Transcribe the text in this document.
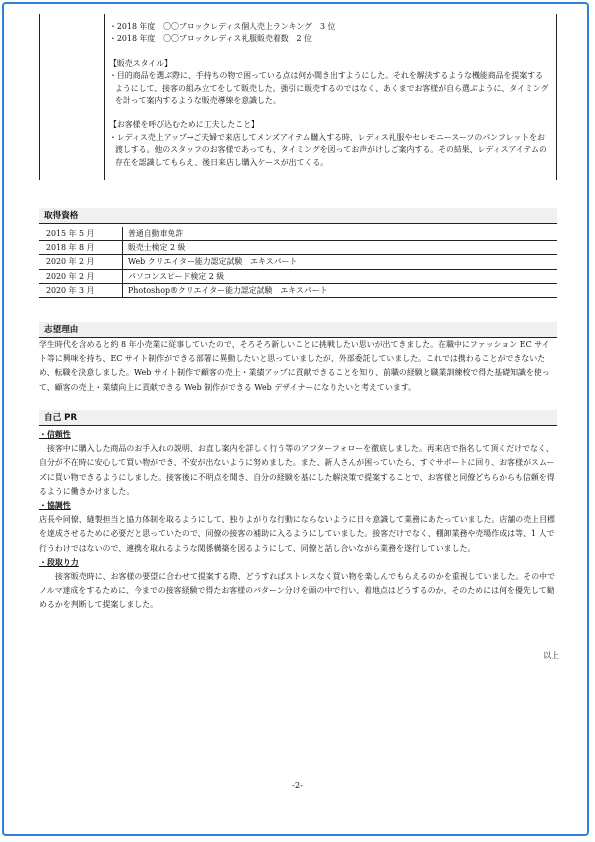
・2018 年度　〇〇ブロックレディス個人売上ランキング　3 位
・2018 年度　〇〇ブロックレディス礼服販売着数　2 位
【販売スタイル】
・目的商品を選ぶ際に、手持ちの物で困っている点は何か聞き出すようにした。それを解決するような機能商品を提案するようにして、接客の組み立てをして販売した。強引に販売するのではなく、あくまでお客様が自ら選ぶように、タイミングを計って案内するような販売導線を意識した。
【お客様を呼び込むために工夫したこと】
・レディス売上アップ→ご夫婦で来店してメンズアイテム購入する時、レディス礼服やセレモニースーツのパンフレットをお渡しする。他のスタッフのお客様であっても、タイミングを図ってお声がけしご案内する。その結果、レディスアイテムの存在を認識してもらえ、後日来店し購入ケースが出てくる。
取得資格
2015 年 5 月	普通自動車免許
2018 年 8 月	販売士検定 2 級
2020 年 2 月	Web クリエイター能力認定試験　エキスパート
2020 年 2 月	パソコンスピード検定 2 級
2020 年 3 月	Photoshop®クリエイター能力認定試験　エキスパート
志望理由

学生時代を含めると約 8 年小売業に従事していたので、そろそろ新しいことに挑戦したい思いが出てきました。在職中にファッション EC サイト等に興味を持ち、EC サイト制作ができる部署に異動したいと思っていましたが、外部委託していました。これでは携わることができないため、転職を決意しました。Web サイト制作で顧客の売上・業績アップに貢献できることを知り、前職の経験と職業訓練校で得た基礎知識を使って、顧客の売上・業績向上に貢献できる Web 制作ができる Web デザイナーになりたいと考えています。

自己 PR

・信頼性

接客中に購入した商品のお手入れの説明、お直し案内を詳しく行う等のアフターフォローを徹底しました。再来店で指名して頂くだけでなく、自分が不在時に安心して買い物ができ、不安が出ないように努めました。また、新人さんが困っていたら、すぐサポートに回り、お客様がスムーズに買い物できるようにしました。接客後に不明点を聞き、自分の経験を基にした解決策で提案することで、お客様と同僚どちらからも信頼を得るように働きかけました。

・協調性

店長や同僚、縫製担当と協力体制を取るようにして、独りよがりな行動にならないように日々意識して業務にあたっていました。店舗の売上目標を達成させるために必要だと思っていたので、同僚の接客の補助に入るようにしていました。接客だけでなく、棚卸業務や売場作成は等、1 人で行うわけではないので、連携を取れるような関係構築を図るようにして、同僚と話し合いながら業務を遂行していました。

・段取り力

接客販売時に、お客様の要望に合わせて提案する際、どうすればストレスなく買い物を楽しんでもらえるのかを重視していました。その中でノルマ達成をするために、今までの接客経験で得たお客様のパターン分けを頭の中で行い、着地点はどうするのか、そのためには何を優先して勧めるかを判断して提案しました。

以上
-2-
